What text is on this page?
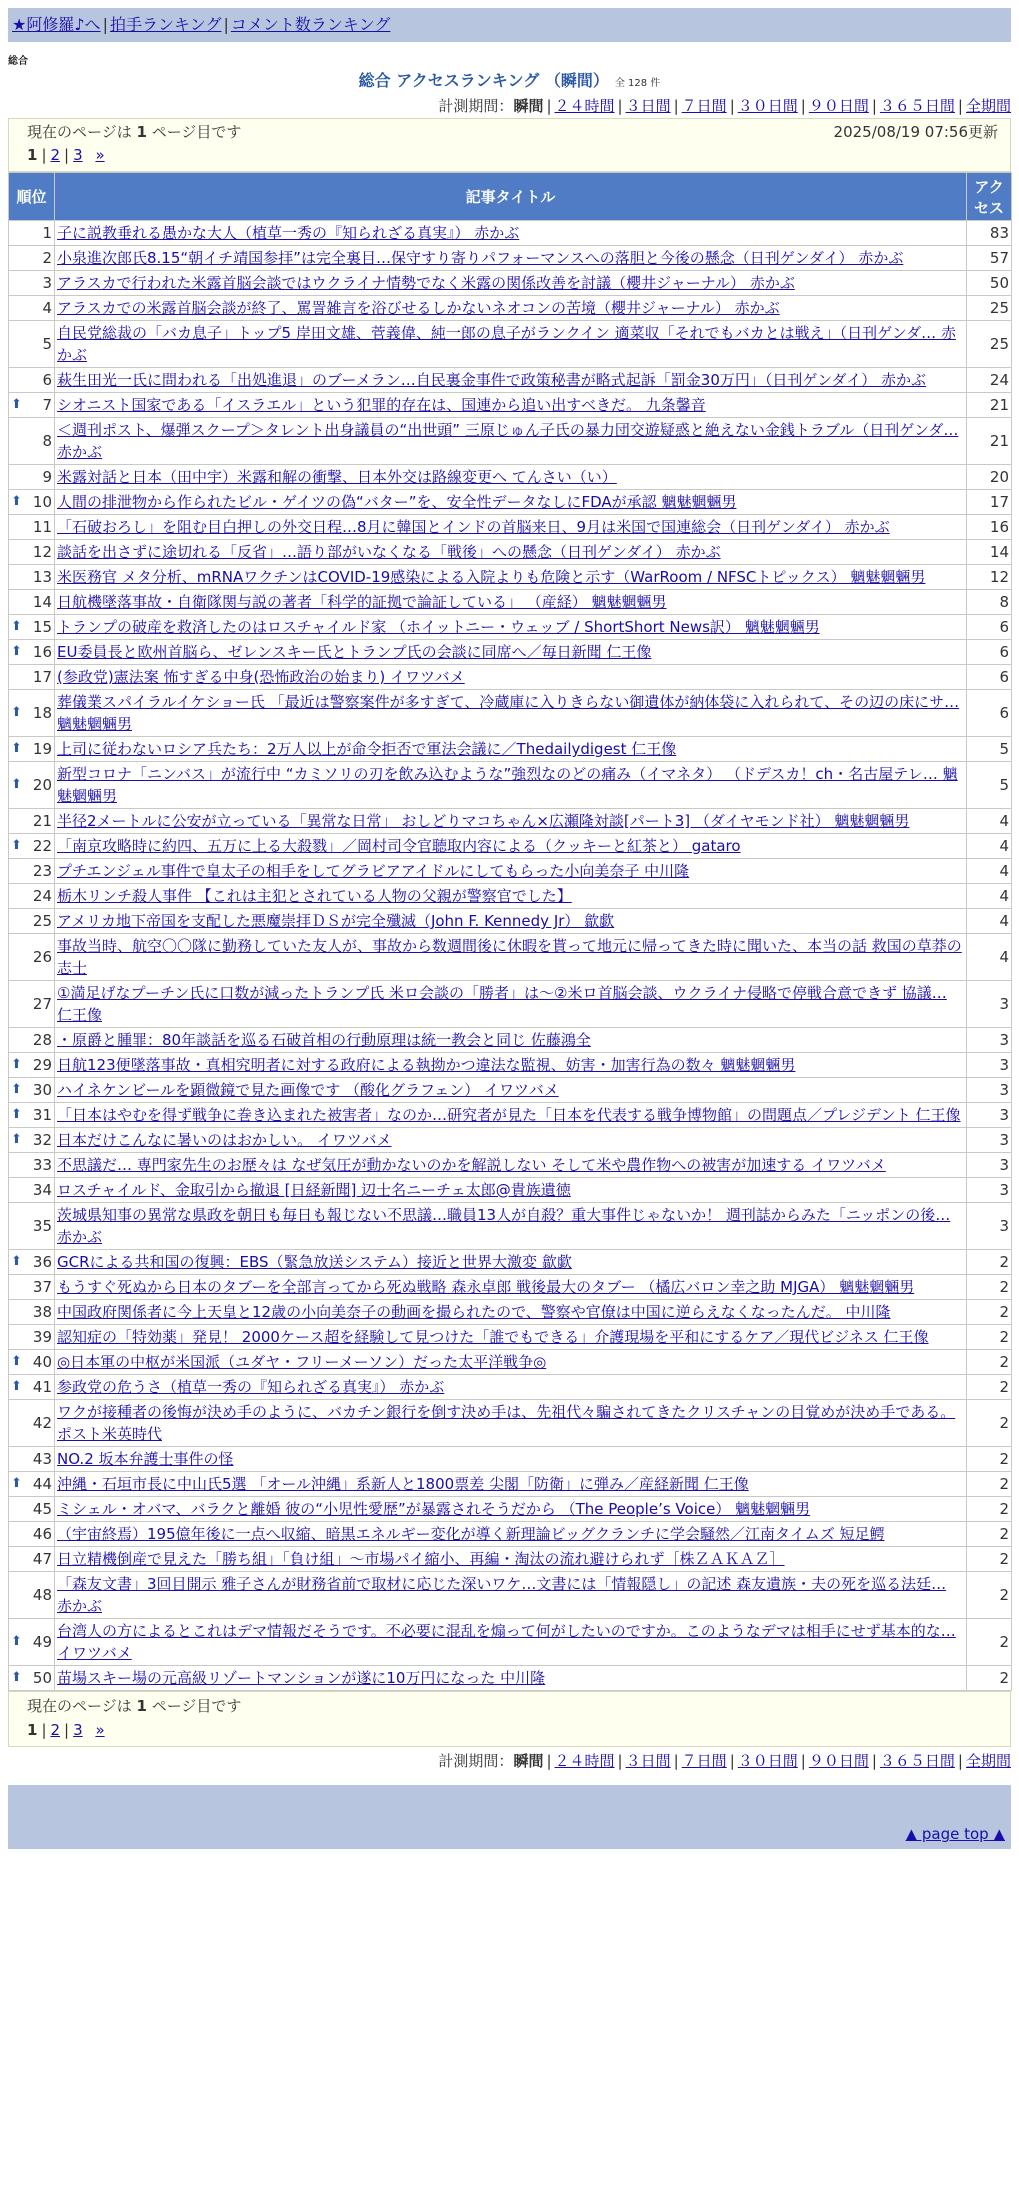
★阿修羅♪へ | 拍手ランキング | コメント数ランキング
総合
総合 アクセスランキング （瞬間） 全 128 件
計測期間：瞬間 | ２４時間 | ３日間 | ７日間 | ３０日間 | ９０日間 | ３６５日間 | 全期間
現在のページは 1 ページ目です	2025/08/19 07:56更新
1 | 2 | 3 »
順位	記事タイトル	アクセス
1	子に説教垂れる愚かな大人（植草一秀の『知られざる真実』） 赤かぶ	83
2	小泉進次郎氏8.15“朝イチ靖国参拝”は完全裏目…保守すり寄りパフォーマンスへの落胆と今後の懸念（日刊ゲンダイ） 赤かぶ	57
3	アラスカで行われた米露首脳会談ではウクライナ情勢でなく米露の関係改善を討議（櫻井ジャーナル） 赤かぶ	50
4	アラスカでの米露首脳会談が終了、罵詈雑言を浴びせるしかないネオコンの苦境（櫻井ジャーナル） 赤かぶ	25
5	自民党総裁の「バカ息子」トップ5 岸田文雄、菅義偉、純一郎の息子がランクイン 適菜収「それでもバカとは戦え」（日刊ゲンダ… 赤かぶ	25
6	萩生田光一氏に問われる「出処進退」のブーメラン…自民裏金事件で政策秘書が略式起訴「罰金30万円」（日刊ゲンダイ） 赤かぶ	24

⬆ 7	シオニスト国家である「イスラエル」という犯罪的存在は、国連から追い出すべきだ。 九条馨音	21
8	＜週刊ポスト、爆弾スクープ＞タレント出身議員の“出世頭” 三原じゅん子氏の暴力団交遊疑惑と絶えない金銭トラブル（日刊ゲンダ… 赤かぶ	21
9	米露対話と日本（田中宇）米露和解の衝撃、日本外交は路線変更へ てんさい（い）	20

⬆ 10	人間の排泄物から作られたビル・ゲイツの偽“バター”を、安全性データなしにFDAが承認 魑魅魍魎男	17
11	「石破おろし」を阻む目白押しの外交日程…8月に韓国とインドの首脳来日、9月は米国で国連総会（日刊ゲンダイ） 赤かぶ	16
12	談話を出さずに途切れる「反省」…語り部がいなくなる「戦後」への懸念（日刊ゲンダイ） 赤かぶ	14
13	米医務官 メタ分析、mRNAワクチンはCOVID-19感染による入院よりも危険と示す（WarRoom / NFSCトピックス） 魑魅魍魎男	12
14	日航機墜落事故・自衛隊関与説の著者「科学的証拠で論証している」 （産経） 魑魅魍魎男	8

⬆ 15	トランプの破産を救済したのはロスチャイルド家 （ホイットニー・ウェッブ / ShortShort News訳） 魑魅魍魎男	6

⬆ 16	EU委員長と欧州首脳ら、ゼレンスキー氏とトランプ氏の会談に同席へ／毎日新聞 仁王像	6
17	(参政党)憲法案 怖すぎる中身(恐怖政治の始まり) イワツバメ	6

⬆ 18	葬儀業スパイラルイケショー氏 「最近は警察案件が多すぎて、冷蔵庫に入りきらない御遺体が納体袋に入れられて、その辺の床にサ… 魑魅魍魎男	6

⬆ 19	上司に従わないロシア兵たち：2万人以上が命令拒否で軍法会議に／Thedailydigest 仁王像	5

⬆ 20	新型コロナ「ニンバス」が流行中 “カミソリの刃を飲み込むような”強烈なのどの痛み（イマネタ） （ドデスカ！ch・名古屋テレ… 魑魅魍魎男	5
21	半径2メートルに公安が立っている「異常な日常」 おしどりマコちゃん×広瀬隆対談[パート3] （ダイヤモンド社） 魑魅魍魎男	4

⬆ 22	「南京攻略時に約四、五万に上る大殺戮」／岡村司令官聴取内容による（クッキーと紅茶と） gataro	4
23	プチエンジェル事件で皇太子の相手をしてグラビアアイドルにしてもらった小向美奈子 中川隆	4
24	栃木リンチ殺人事件 【これは主犯とされている人物の父親が警察官でした】	4
25	アメリカ地下帝国を支配した悪魔崇拝ＤＳが完全殲滅（John F. Kennedy Jr） 歙歔	4
26	事故当時、航空〇〇隊に勤務していた友人が、事故から数週間後に休暇を貰って地元に帰ってきた時に聞いた、本当の話 救国の草莽の志士	4
27	①満足げなプーチン氏に口数が減ったトランプ氏 米ロ会談の「勝者」は～②米ロ首脳会談、ウクライナ侵略で停戦合意できず 協議… 仁王像	3
28	・原爵と腫罪：80年談話を巡る石破首相の行動原理は統一教会と同じ 佐藤鴻全	3

⬆ 29	日航123便墜落事故・真相究明者に対する政府による執拗かつ違法な監視、妨害・加害行為の数々 魑魅魍魎男	3

⬆ 30	ハイネケンビールを顕微鏡で見た画像です （酸化グラフェン） イワツバメ	3

⬆ 31	「日本はやむを得ず戦争に巻き込まれた被害者」なのか…研究者が見た「日本を代表する戦争博物館」の問題点／プレジデント 仁王像	3

⬆ 32	日本だけこんなに暑いのはおかしい。 イワツバメ	3
33	不思議だ… 専門家先生のお歴々は なぜ気圧が動かないのかを解説しない そして米や農作物への被害が加速する イワツバメ	3
34	ロスチャイルド、金取引から撤退 [日経新聞] 辺士名ニーチェ太郎@貴族遺徳	3
35	茨城県知事の異常な県政を朝日も毎日も報じない不思議…職員13人が自殺？重大事件じゃないか！ 週刊誌からみた「ニッポンの後… 赤かぶ	3

⬆ 36	GCRによる共和国の復興：EBS（緊急放送システム）接近と世界大激変 歙歔	2
37	もうすぐ死ぬから日本のタブーを全部言ってから死ぬ戦略 森永卓郎 戦後最大のタブー （橘広バロン幸之助 MJGA） 魑魅魍魎男	2
38	中国政府関係者に今上天皇と12歳の小向美奈子の動画を撮られたので、警察や官僚は中国に逆らえなくなったんだ。 中川隆	2
39	認知症の「特効薬」発見！ 2000ケース超を経験して見つけた「誰でもできる」介護現場を平和にするケア／現代ビジネス 仁王像	2

⬆ 40	◎日本軍の中枢が米国派（ユダヤ・フリーメーソン）だった太平洋戦争◎	2

⬆ 41	参政党の危うさ（植草一秀の『知られざる真実』） 赤かぶ	2
42	ワクが接種者の後悔が決め手のように、バカチン銀行を倒す決め手は、先祖代々騙されてきたクリスチャンの目覚めが決め手である。 ポスト米英時代	2
43	NO.2 坂本弁護士事件の怪	2

⬆ 44	沖縄・石垣市長に中山氏5選 「オール沖縄」系新人と1800票差 尖閣「防衛」に弾み／産経新聞 仁王像	2
45	ミシェル・オバマ、バラクと離婚 彼の“小児性愛歴”が暴露されそうだから （The People’s Voice） 魑魅魍魎男	2
46	（宇宙終焉）195億年後に一点へ収縮、暗黒エネルギー変化が導く新理論ビッグクランチに学会騒然／江南タイムズ 短足鰐	2
47	日立精機倒産で見えた「勝ち組」「負け組」～市場パイ縮小、再編・淘汰の流れ避けられず［株ＺＡＫＡＺ］	2
48	「森友文書」3回目開示 雅子さんが財務省前で取材に応じた深いワケ…文書には「情報隠し」の記述 森友遺族・夫の死を巡る法廷… 赤かぶ	2

⬆ 49	台湾人の方によるとこれはデマ情報だそうです。不必要に混乱を煽って何がしたいのですか。このようなデマは相手にせず基本的な… イワツバメ	2

⬆ 50	苗場スキー場の元高級リゾートマンションが遂に10万円になった 中川隆	2
現在のページは 1 ページ目です
1 | 2 | 3 »
計測期間：瞬間 | ２４時間 | ３日間 | ７日間 | ３０日間 | ９０日間 | ３６５日間 | 全期間
▲ page top ▲
